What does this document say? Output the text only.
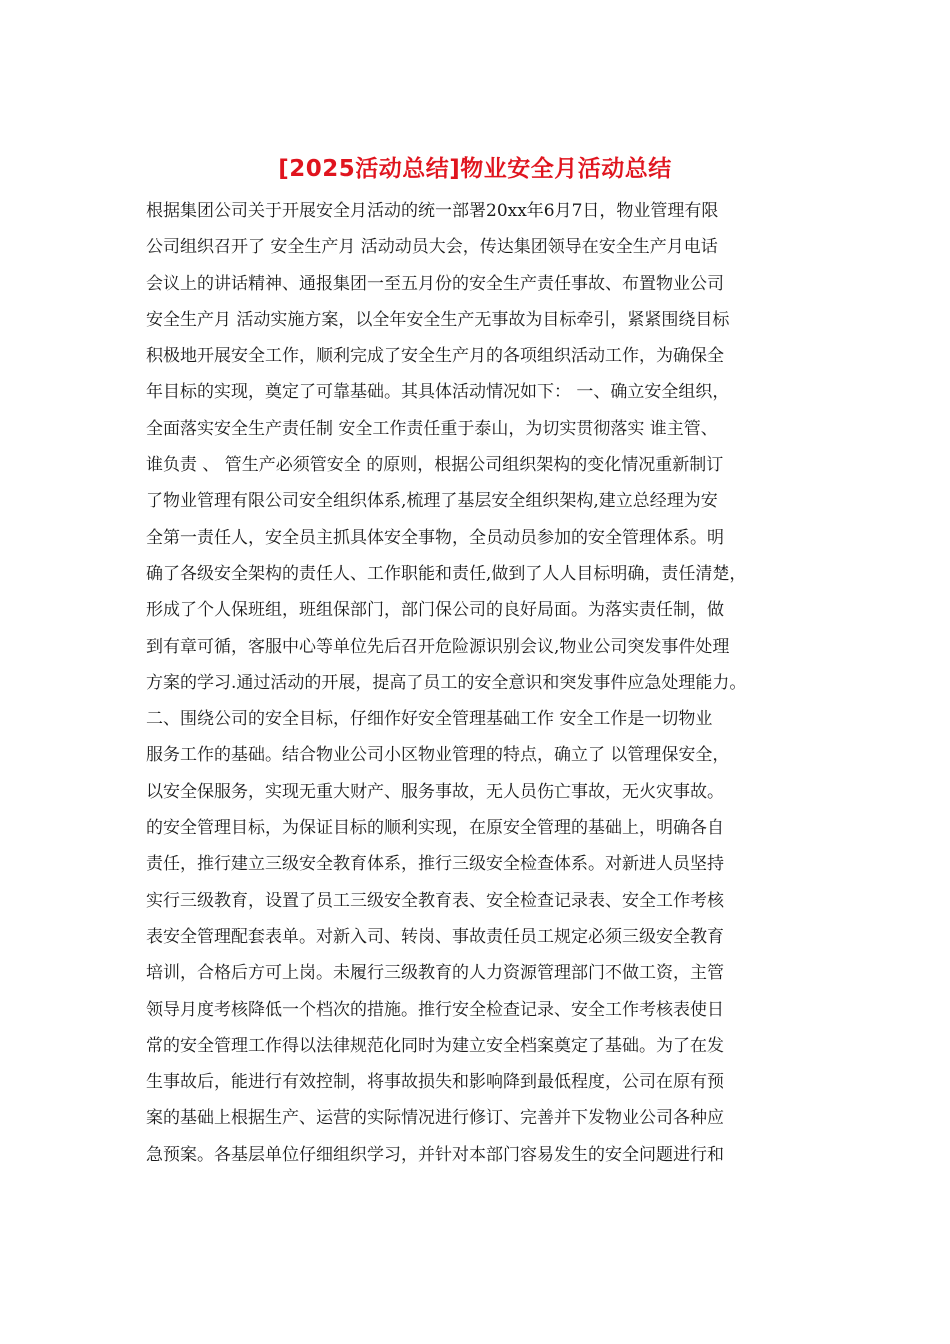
[2025活动总结]物业安全月活动总结
根据集团公司关于开展安全月活动的统一部署20xx年6月7日，物业管理有限
公司组织召开了 安全生产月 活动动员大会，传达集团领导在安全生产月电话
会议上的讲话精神、通报集团一至五月份的安全生产责任事故、布置物业公司
安全生产月 活动实施方案，以全年安全生产无事故为目标牵引，紧紧围绕目标
积极地开展安全工作，顺利完成了安全生产月的各项组织活动工作，为确保全
年目标的实现，奠定了可靠基础。其具体活动情况如下： 一、确立安全组织，
全面落实安全生产责任制 安全工作责任重于泰山，为切实贯彻落实 谁主管、
谁负责 、 管生产必须管安全 的原则，根据公司组织架构的变化情况重新制订
了物业管理有限公司安全组织体系,梳理了基层安全组织架构,建立总经理为安
全第一责任人，安全员主抓具体安全事物，全员动员参加的安全管理体系。明
确了各级安全架构的责任人、工作职能和责任,做到了人人目标明确，责任清楚，
形成了个人保班组，班组保部门，部门保公司的良好局面。为落实责任制，做
到有章可循，客服中心等单位先后召开危险源识别会议,物业公司突发事件处理
方案的学习.通过活动的开展，提高了员工的安全意识和突发事件应急处理能力。
二、围绕公司的安全目标，仔细作好安全管理基础工作 安全工作是一切物业
服务工作的基础。结合物业公司小区物业管理的特点，确立了 以管理保安全，
以安全保服务，实现无重大财产、服务事故，无人员伤亡事故，无火灾事故。
的安全管理目标，为保证目标的顺利实现，在原安全管理的基础上，明确各自
责任，推行建立三级安全教育体系，推行三级安全检查体系。对新进人员坚持
实行三级教育，设置了员工三级安全教育表、安全检查记录表、安全工作考核
表安全管理配套表单。对新入司、转岗、事故责任员工规定必须三级安全教育
培训，合格后方可上岗。未履行三级教育的人力资源管理部门不做工资，主管
领导月度考核降低一个档次的措施。推行安全检查记录、安全工作考核表使日
常的安全管理工作得以法律规范化同时为建立安全档案奠定了基础。为了在发
生事故后，能进行有效控制，将事故损失和影响降到最低程度，公司在原有预
案的基础上根据生产、运营的实际情况进行修订、完善并下发物业公司各种应
急预案。各基层单位仔细组织学习，并针对本部门容易发生的安全问题进行和
